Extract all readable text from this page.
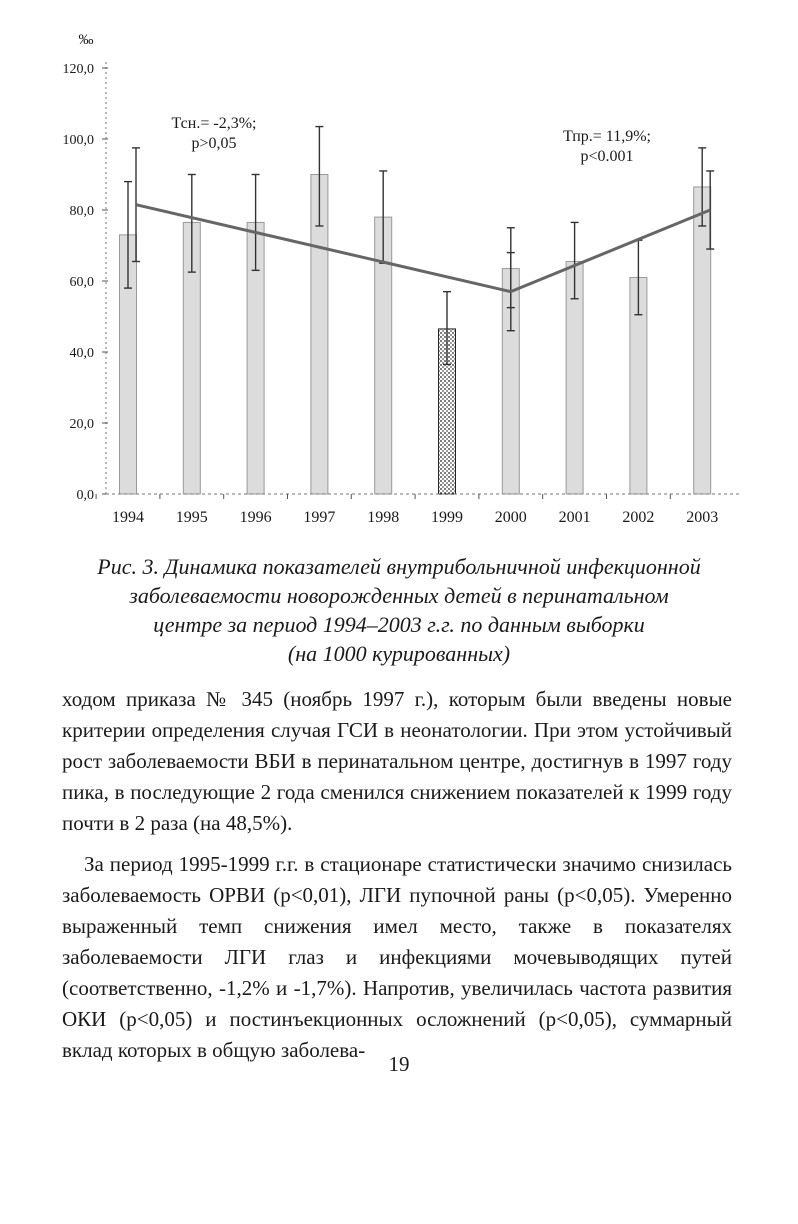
‰
0,0
20,0
40,0
60,0
80,0
100,0
120,0
1994 1995 1996 1997 1998 1999 2000 2001 2002 2003
Тсн.= -2,3%; p>0,05	Тпр.= 11,9%; p<0.001
Рис. 3. Динамика показателей внутрибольничной инфекционной
заболеваемости новорожденных детей в перинатальном
центре за период 1994–2003 г.г. по данным выборки
(на 1000 курированных)

ходом приказа № 345 (ноябрь 1997 г.), которым были введены новые критерии определения случая ГСИ в неонатологии. При этом устойчивый рост заболеваемости ВБИ в перинатальном центре, достигнув в 1997 году пика, в последующие 2 года сменился снижением показателей к 1999 году почти в 2 раза (на 48,5%).

За период 1995-1999 г.г. в стационаре статистически значимо снизилась заболеваемость ОРВИ (p<0,01), ЛГИ пупочной раны (p<0,05). Умеренно выраженный темп снижения имел место, также в показателях заболеваемости ЛГИ глаз и инфекциями мочевыводящих путей (соответственно, -1,2% и -1,7%). Напротив, увеличилась частота развития ОКИ (p<0,05) и постинъекционных осложнений (p<0,05), суммарный вклад которых в общую заболева-

19
